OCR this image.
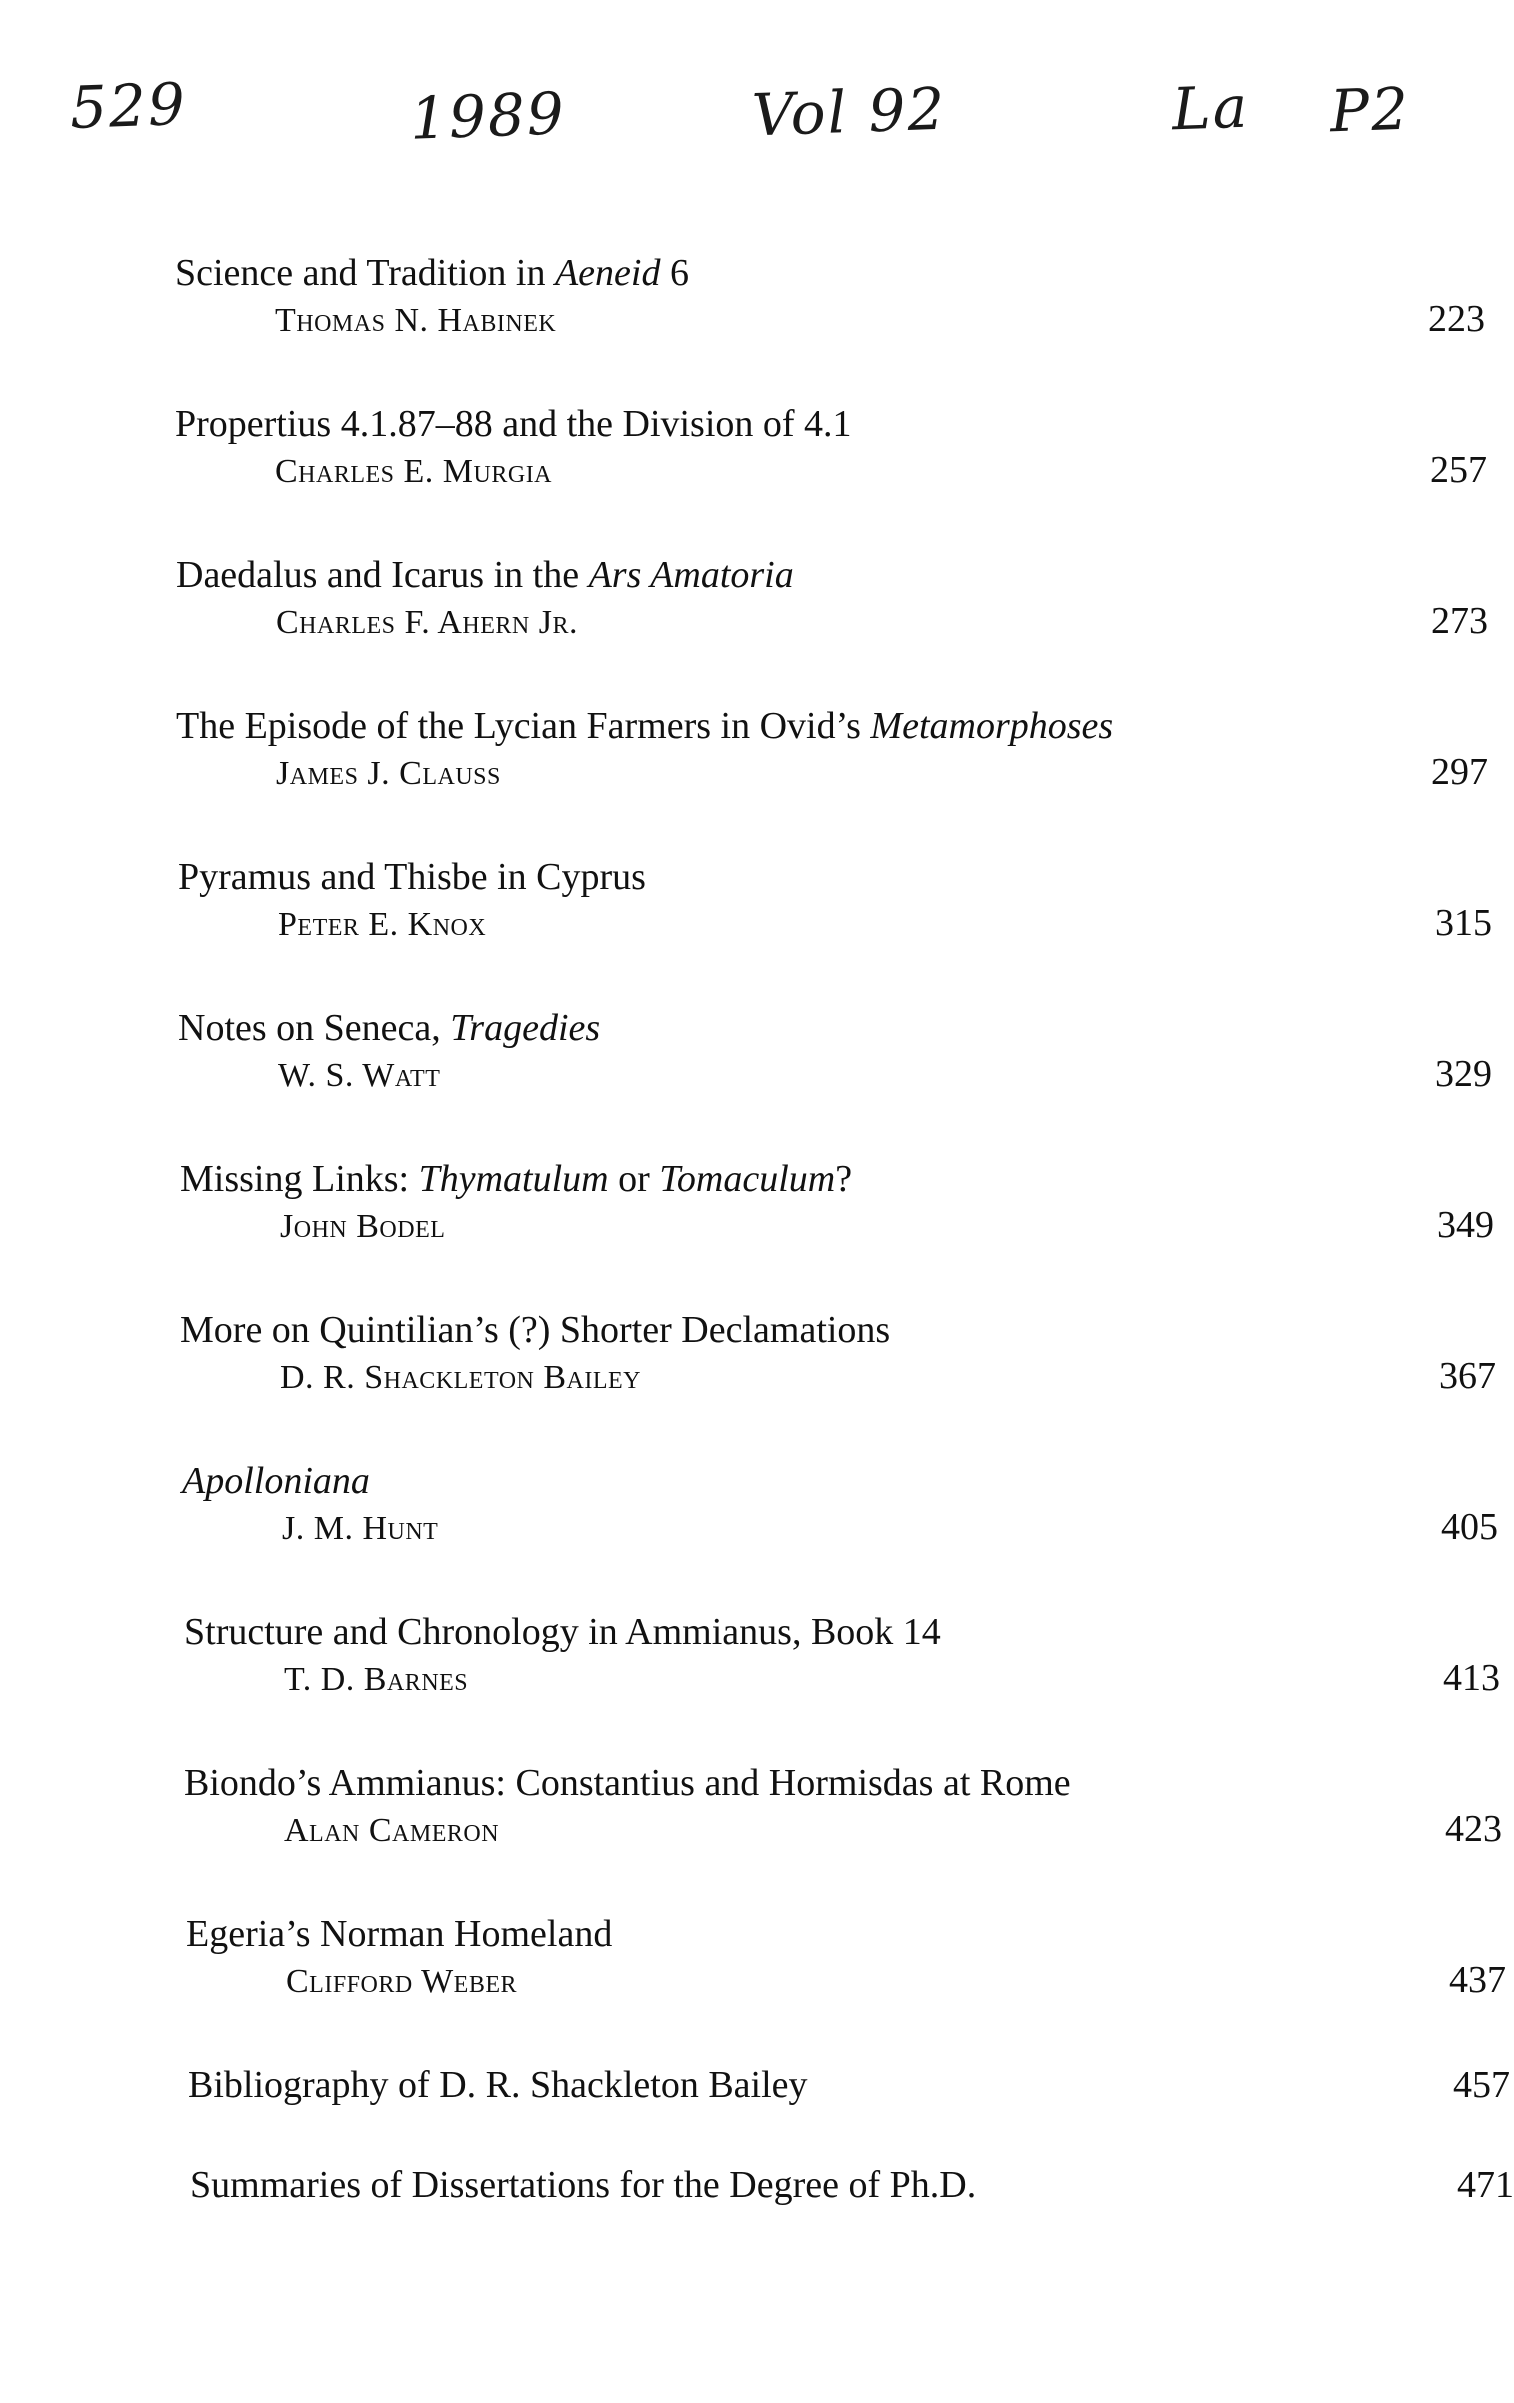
529	1989	Vol 92	La P2
Science and Tradition in Aeneid 6
Thomas N. Habinek	223
Propertius 4.1.87–88 and the Division of 4.1
Charles E. Murgia	257
Daedalus and Icarus in the Ars Amatoria
Charles F. Ahern Jr.	273
The Episode of the Lycian Farmers in Ovid’s Metamorphoses
James J. Clauss	297
Pyramus and Thisbe in Cyprus
Peter E. Knox	315
Notes on Seneca, Tragedies
W. S. Watt	329
Missing Links: Thymatulum or Tomaculum?
John Bodel	349
More on Quintilian’s (?) Shorter Declamations
D. R. Shackleton Bailey	367
Apolloniana
J. M. Hunt	405
Structure and Chronology in Ammianus, Book 14
T. D. Barnes	413
Biondo’s Ammianus: Constantius and Hormisdas at Rome
Alan Cameron	423
Egeria’s Norman Homeland
Clifford Weber	437
Bibliography of D. R. Shackleton Bailey	457
Summaries of Dissertations for the Degree of Ph.D.	471
